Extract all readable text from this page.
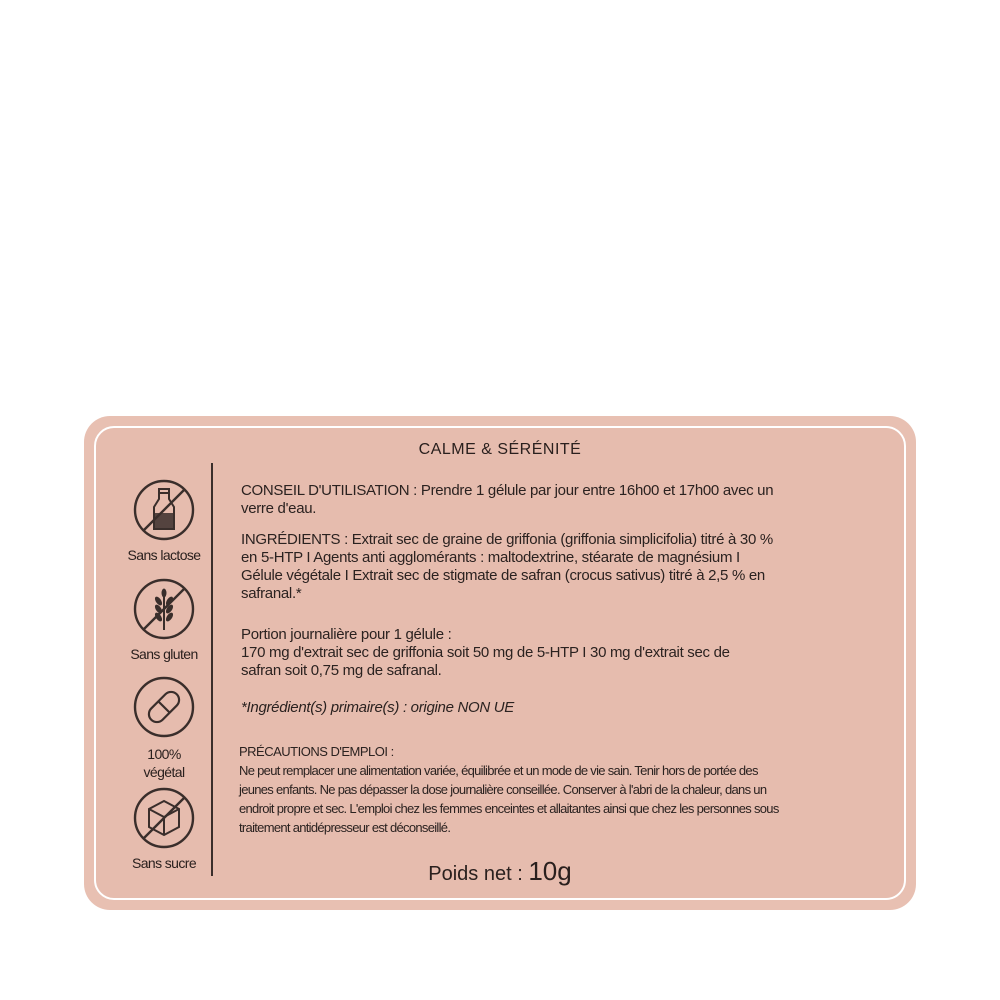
CALME & SÉRÉNITÉ
Sans lactose
Sans gluten
100% végétal
Sans sucre
CONSEIL D'UTILISATION : Prendre 1 gélule par jour entre 16h00 et 17h00 avec un
verre d'eau.
INGRÉDIENTS : Extrait sec de graine de griffonia (griffonia simplicifolia) titré à 30 %
en 5-HTP I Agents anti agglomérants : maltodextrine, stéarate de magnésium I
Gélule végétale I Extrait sec de stigmate de safran (crocus sativus) titré à 2,5 % en
safranal.*
Portion journalière pour 1 gélule :
170 mg d'extrait sec de griffonia soit 50 mg de 5-HTP I 30 mg d'extrait sec de
safran soit 0,75 mg de safranal.
*Ingrédient(s) primaire(s) : origine NON UE
PRÉCAUTIONS D'EMPLOI :
Ne peut remplacer une alimentation variée, équilibrée et un mode de vie sain. Tenir hors de portée des
jeunes enfants. Ne pas dépasser la dose journalière conseillée. Conserver à l'abri de la chaleur, dans un
endroit propre et sec. L'emploi chez les femmes enceintes et allaitantes ainsi que chez les personnes sous
traitement antidépresseur est déconseillé.
Poids net : 10g
